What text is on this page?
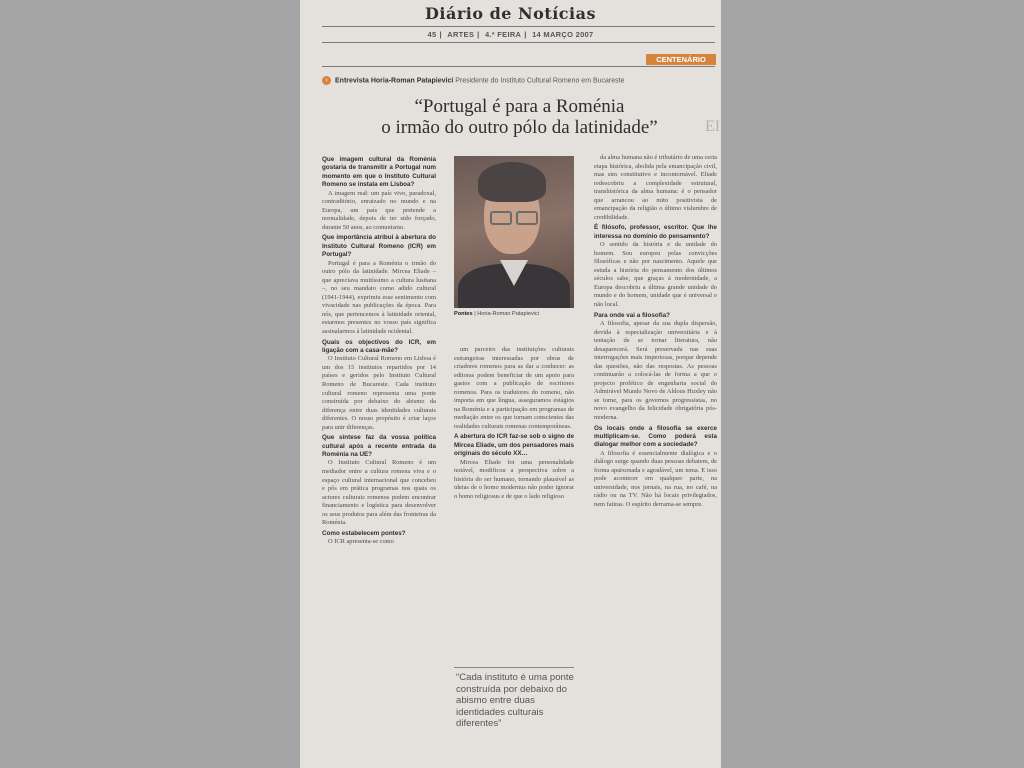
Diário de Notícias
45 | ARTES | 4.ª FEIRA | 14 MARÇO 2007
CENTENÁRIO
› Entrevista Horia-Roman Patapievici Presidente do Instituto Cultural Romeno em Bucareste
“Portugal é para a Roménia
o irmão do outro pólo da latinidade”	EI

Que imagem cultural da Roménia gostaria de transmitir a Portugal num momento em que o Instituto Cultural Romeno se instala em Lisboa?

A imagem real: um país vivo, paradoxal, contraditório, enraizado no mundo e na Europa, um país que pretende a normalidade, depois de ter sido forçado, durante 50 anos, ao comunismo.

Que importância atribui à abertura do Instituto Cultural Romeno (ICR) em Portugal?

Portugal é para a Roménia o irmão do outro pólo da latinidade. Mircea Eliade – que apreciava muitíssimo a cultura lusitana –, no seu mandato como adido cultural (1941-1944), exprimiu esse sentimento com vivacidade nas publicações da época. Para nós, que pertencemos à latinidade oriental, estarmos presentes no vosso país significa assinalarmos à latinidade ocidental.

Quais os objectivos do ICR, em ligação com a casa-mãe?

O Instituto Cultural Romeno em Lisboa é um dos 15 institutos repartidos por 14 países e geridos pelo Instituto Cultural Romeno de Bucareste. Cada instituto cultural romeno representa uma ponte construída por debaixo do abismo da diferença entre duas identidades culturais diferentes. O nosso propósito é criar laços para unir diferenças.

Que síntese faz da vossa política cultural após a recente entrada da Roménia na UE?

O Instituto Cultural Romeno é um mediador entre a cultura romena viva e o espaço cultural internacional que concebeu e pôs em prática programas nos quais os actores culturais romenos podem encontrar financiamento e logística para desenvolver os seus produtos para além das fronteiras da Roménia.

Como estabelecem pontes?

O ICR apresenta-se como

Pontes | Horia-Roman Patapievici

um parceiro das instituições culturais estrangeiras interessadas por obras de criadores romenos para as dar a conhecer: as editoras podem beneficiar de um apoio para gastos com a publicação de escritores romenos. Para os tradutores do romeno, não importa em que língua, asseguramos estágios na Roménia e a participação em programas de mediação entre os que tornam conscientes das realidades culturais romenas contemporâneas.

A abertura do ICR faz-se sob o signo de Mircea Eliade, um dos pensadores mais originais do século XX…

Mircea Eliade foi uma personalidade notável, modificou a perspectiva sobre a história do ser humano, tornando plausível as ideias de o homo modernus não poder ignorar o homo religiosus e de que o lado religioso

“Cada instituto é uma ponte construída por debaixo do abismo entre duas identidades culturais diferentes”

da alma humana não é tributário de uma certa etapa histórica, abolida pela emancipação civil, mas sim constitutivo e incontornável. Eliade redescobriu a complexidade estrutural, transhistórica da alma humana: é o pensador que arrancou ao mito positivista de emancipação da religião o último vislumbre de credibilidade.

É filósofo, professor, escritor. Que lhe interessa no domínio do pensamento?

O sentido da história e da unidade do homem. Sou europeu pelas convicções filosóficas e não por nascimento. Aquele que estuda a história do pensamento dos últimos séculos sabe, que graças à modernidade, a Europa descobriu a última grande unidade do mundo e do homem, unidade que é universal e não local.

Para onde vai a filosofia?

A filosofia, apesar da sua dupla dispersão, devida à especialização universitária e à tentação de se tornar literatura, não desaparecerá. Será preservada nas suas interrogações mais imperiosas, porque depende das questões, não das respostas. As pessoas continuarão a colocá-las de forma a que o projecto profético de engenharia social do Admirável Mundo Novo de Aldous Huxley não se torne, para os governos progressistas, no novo evangelho da felicidade obrigatória pós-moderna.

Os locais onde a filosofia se exerce multiplicam-se. Como poderá esta dialogar melhor com a sociedade?

A filosofia é essencialmente dialógica e o diálogo surge quando duas pessoas debatem, de forma apaixonada e agradável, um tema. E isso pode acontecer em qualquer parte, na universidade, nos jornais, na rua, no café, na rádio ou na TV. Não há locais privilegiados, nem fatiras. O espírito derrama-se sempre.
